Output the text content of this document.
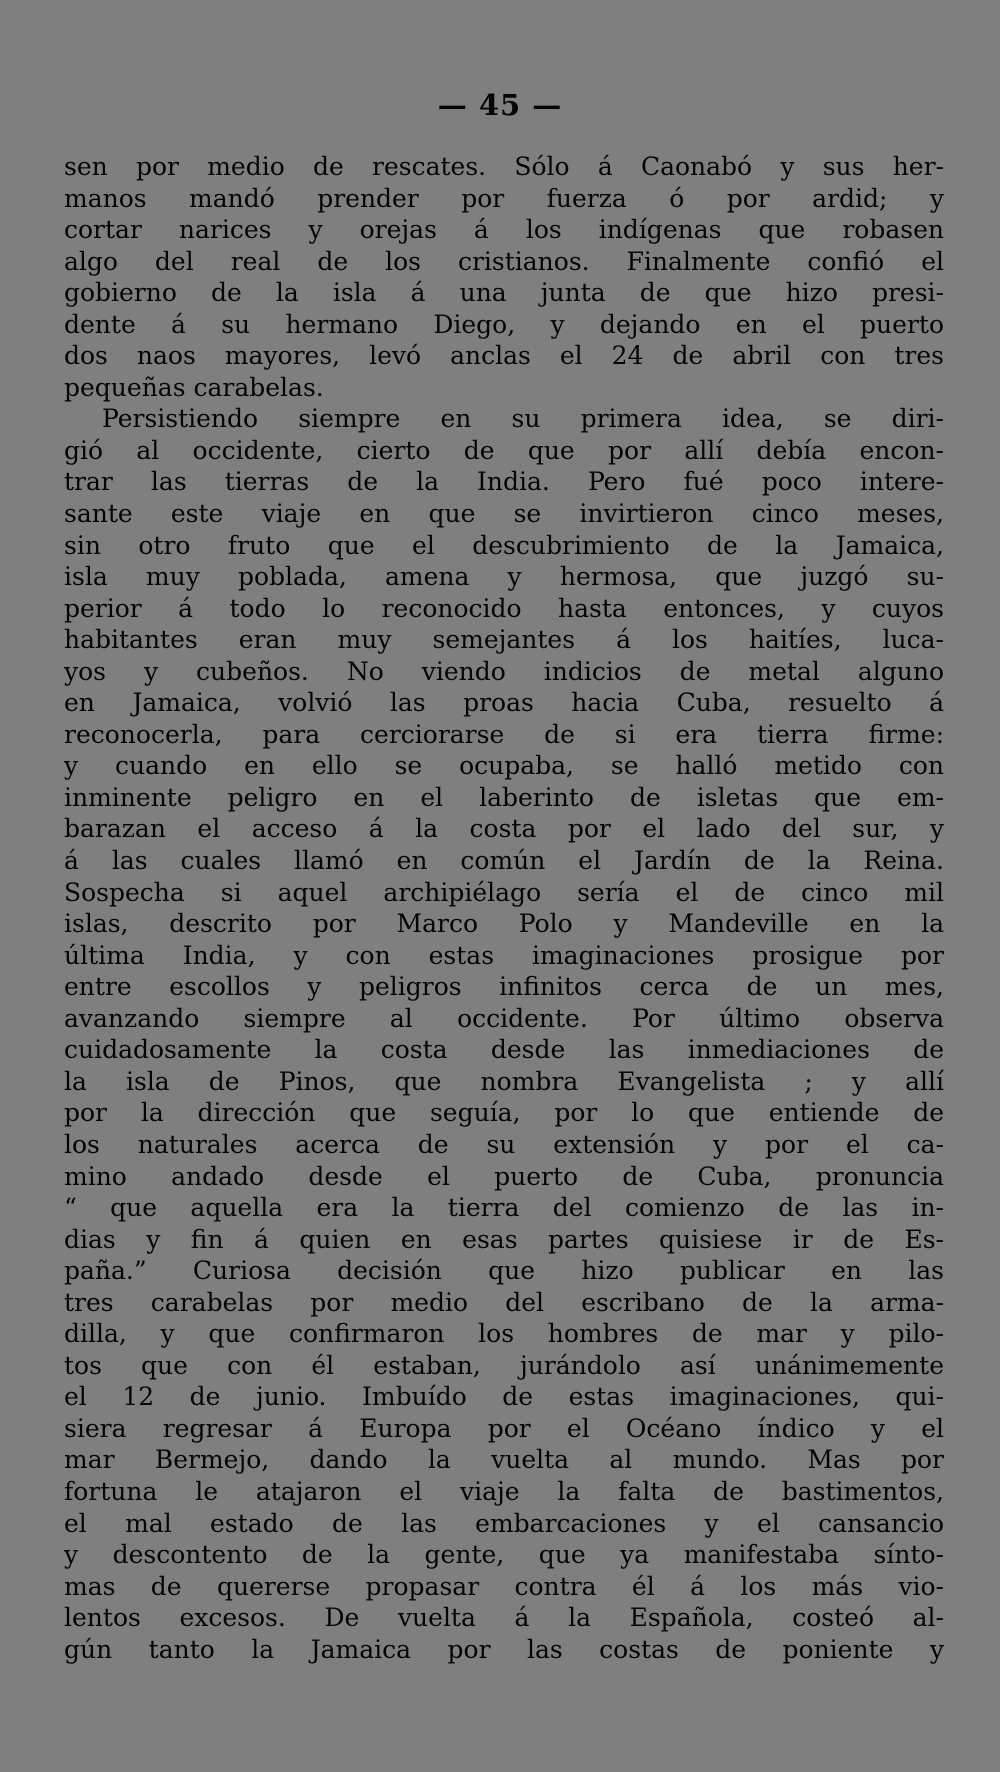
— 45 —
sen por medio de rescates. Sólo á Caonabó y sus her-
manos mandó prender por fuerza ó por ardid; y
cortar narices y orejas á los indígenas que robasen
algo del real de los cristianos. Finalmente confió el
gobierno de la isla á una junta de que hizo presi-
dente á su hermano Diego, y dejando en el puerto
dos naos mayores, levó anclas el 24 de abril con tres
pequeñas carabelas.
Persistiendo siempre en su primera idea, se diri-
gió al occidente, cierto de que por allí debía encon-
trar las tierras de la India. Pero fué poco intere-
sante este viaje en que se invirtieron cinco meses,
sin otro fruto que el descubrimiento de la Jamaica,
isla muy poblada, amena y hermosa, que juzgó su-
perior á todo lo reconocido hasta entonces, y cuyos
habitantes eran muy semejantes á los haitíes, luca-
yos y cubeños. No viendo indicios de metal alguno
en Jamaica, volvió las proas hacia Cuba, resuelto á
reconocerla, para cerciorarse de si era tierra firme:
y cuando en ello se ocupaba, se halló metido con
inminente peligro en el laberinto de isletas que em-
barazan el acceso á la costa por el lado del sur, y
á las cuales llamó en común el Jardín de la Reina.
Sospecha si aquel archipiélago sería el de cinco mil
islas, descrito por Marco Polo y Mandeville en la
última India, y con estas imaginaciones prosigue por
entre escollos y peligros infinitos cerca de un mes,
avanzando siempre al occidente. Por último observa
cuidadosamente la costa desde las inmediaciones de
la isla de Pinos, que nombra Evangelista ; y allí
por la dirección que seguía, por lo que entiende de
los naturales acerca de su extensión y por el ca-
mino andado desde el puerto de Cuba, pronuncia
“ que aquella era la tierra del comienzo de las in-
dias y fin á quien en esas partes quisiese ir de Es-
paña.” Curiosa decisión que hizo publicar en las
tres carabelas por medio del escribano de la arma-
dilla, y que confirmaron los hombres de mar y pilo-
tos que con él estaban, jurándolo así unánimemente
el 12 de junio. Imbuído de estas imaginaciones, qui-
siera regresar á Europa por el Océano índico y el
mar Bermejo, dando la vuelta al mundo. Mas por
fortuna le atajaron el viaje la falta de bastimentos,
el mal estado de las embarcaciones y el cansancio
y descontento de la gente, que ya manifestaba sínto-
mas de quererse propasar contra él á los más vio-
lentos excesos. De vuelta á la Española, costeó al-
gún tanto la Jamaica por las costas de poniente y
